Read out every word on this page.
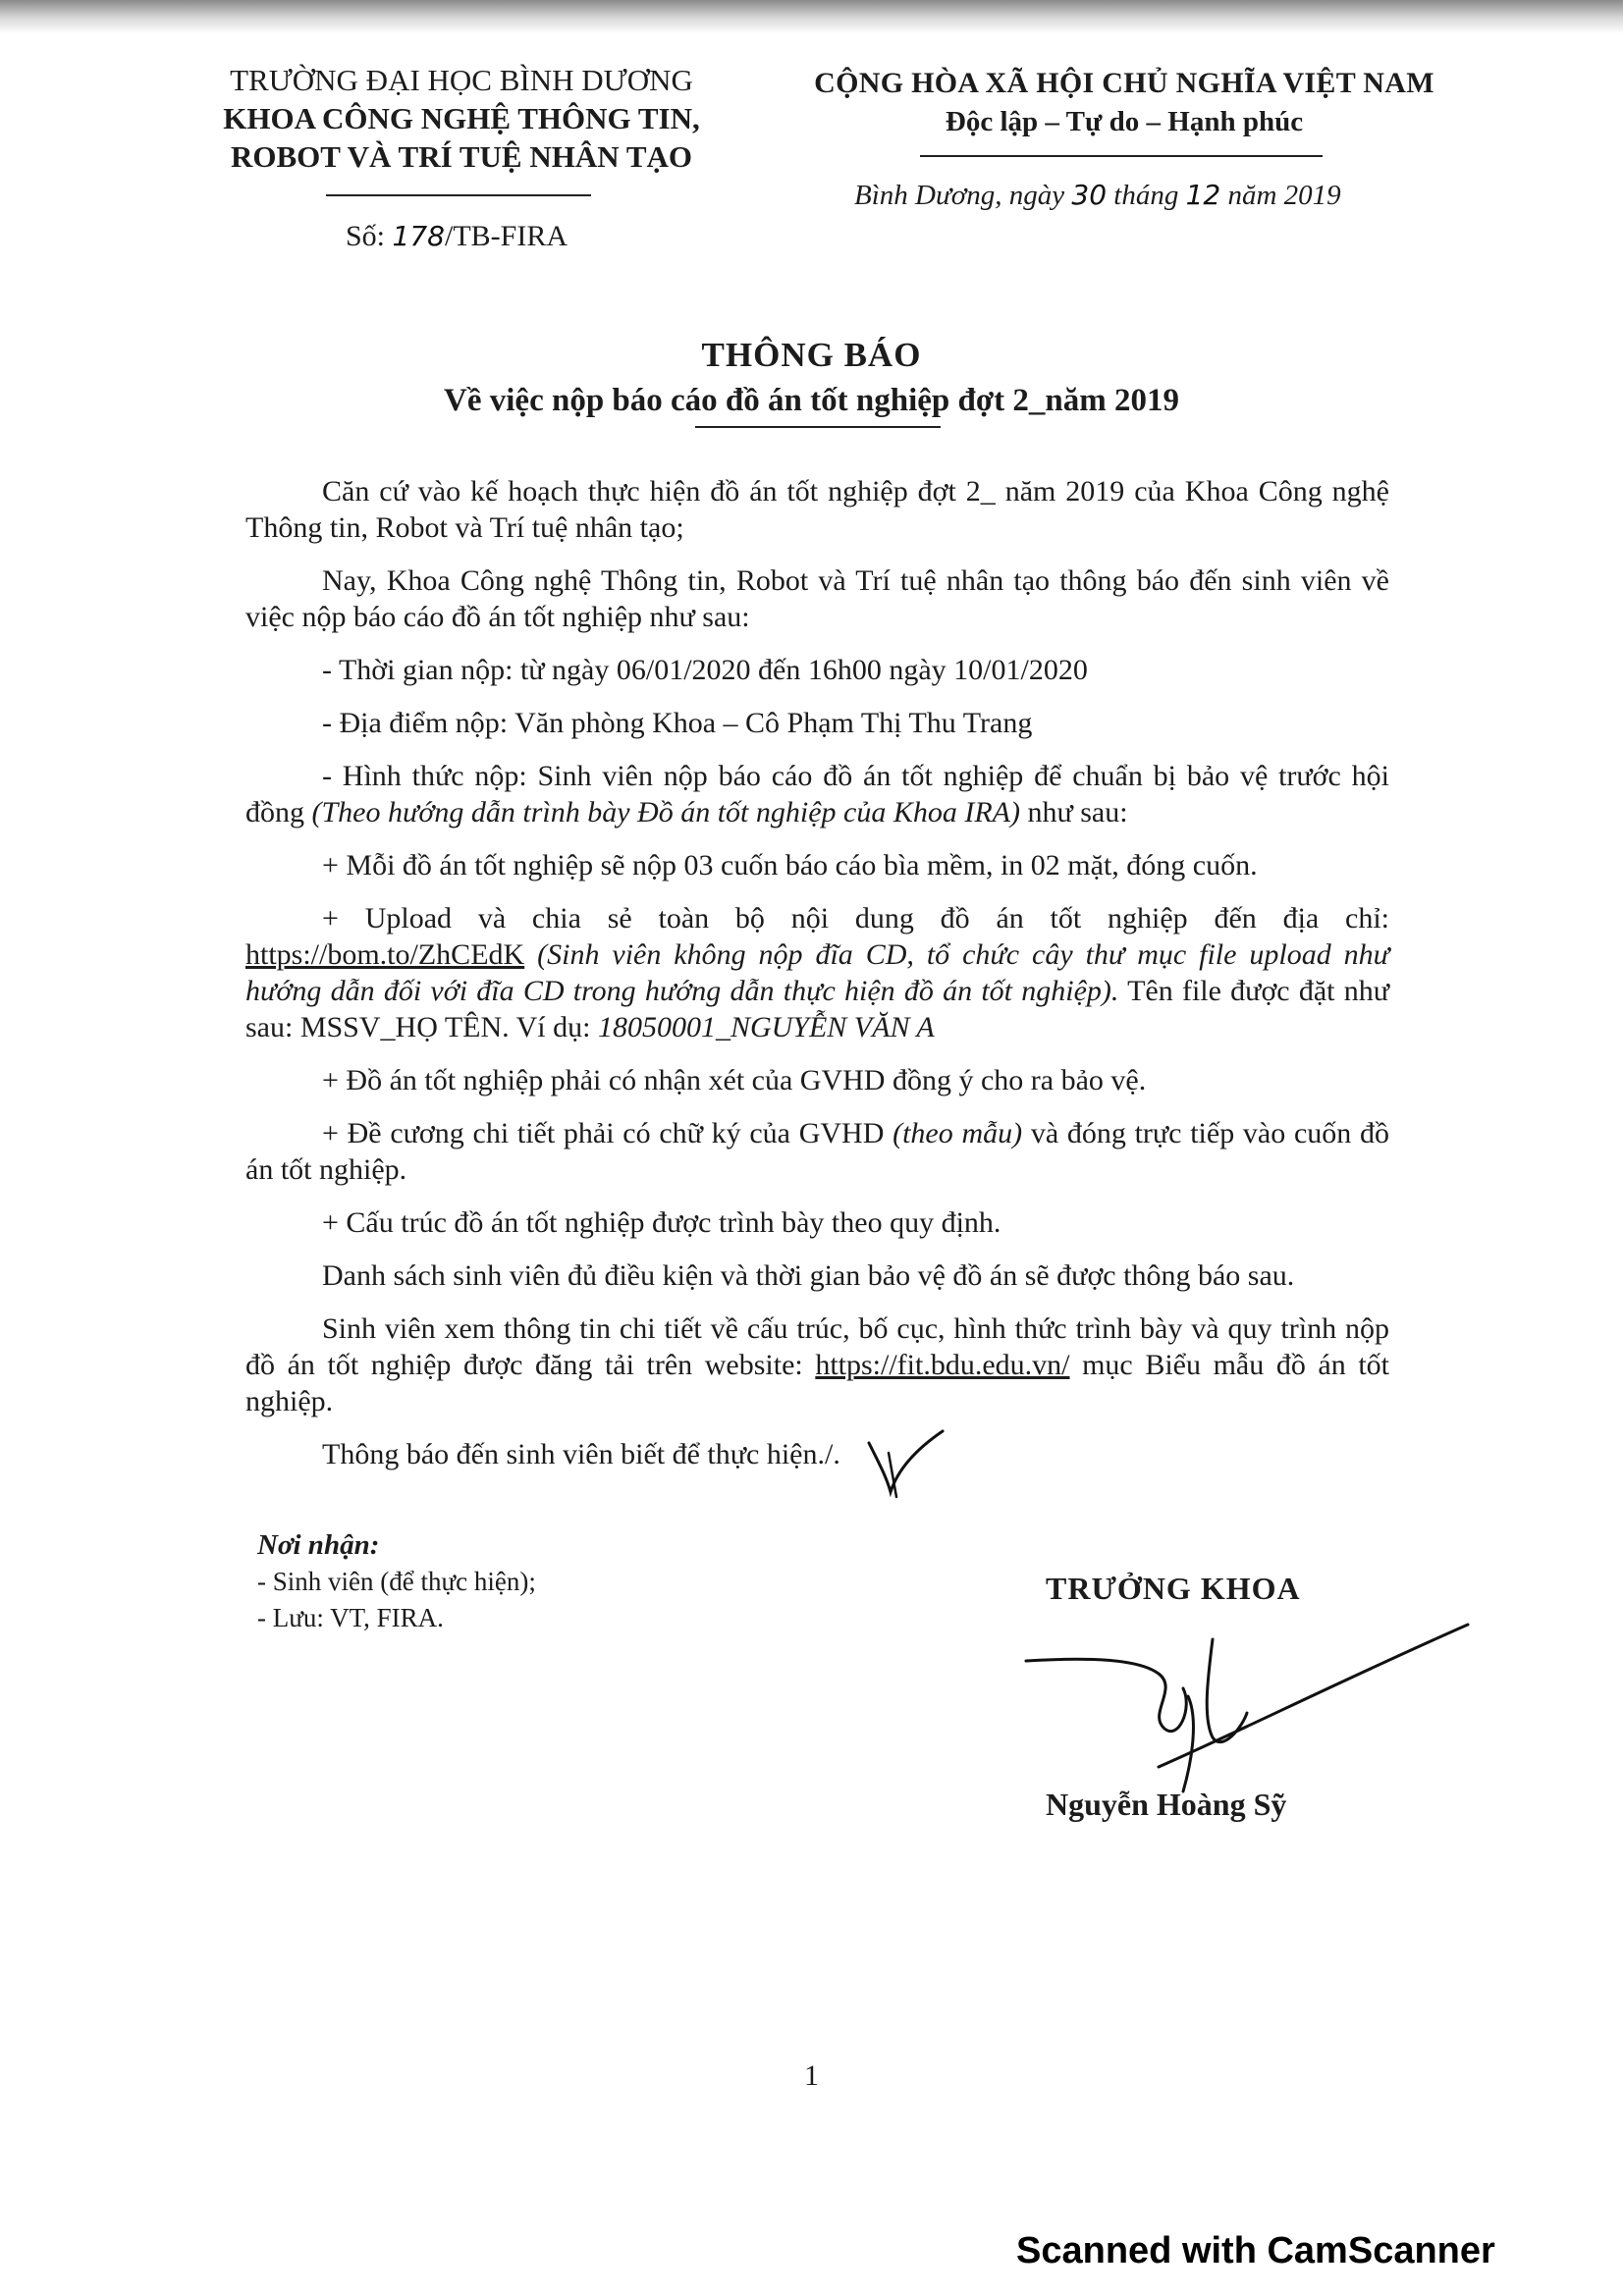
TRƯỜNG ĐẠI HỌC BÌNH DƯƠNG
KHOA CÔNG NGHỆ THÔNG TIN,
ROBOT VÀ TRÍ TUỆ NHÂN TẠO
Số: 178/TB-FIRA
CỘNG HÒA XÃ HỘI CHỦ NGHĨA VIỆT NAM
Độc lập – Tự do – Hạnh phúc
Bình Dương, ngày 30 tháng 12 năm 2019
THÔNG BÁO
Về việc nộp báo cáo đồ án tốt nghiệp đợt 2_năm 2019

Căn cứ vào kế hoạch thực hiện đồ án tốt nghiệp đợt 2_ năm 2019 của Khoa Công nghệ Thông tin, Robot và Trí tuệ nhân tạo;

Nay, Khoa Công nghệ Thông tin, Robot và Trí tuệ nhân tạo thông báo đến sinh viên về việc nộp báo cáo đồ án tốt nghiệp như sau:

- Thời gian nộp: từ ngày 06/01/2020 đến 16h00 ngày 10/01/2020

- Địa điểm nộp: Văn phòng Khoa – Cô Phạm Thị Thu Trang

- Hình thức nộp: Sinh viên nộp báo cáo đồ án tốt nghiệp để chuẩn bị bảo vệ trước hội đồng (Theo hướng dẫn trình bày Đồ án tốt nghiệp của Khoa IRA) như sau:

+ Mỗi đồ án tốt nghiệp sẽ nộp 03 cuốn báo cáo bìa mềm, in 02 mặt, đóng cuốn.

+ Upload và chia sẻ toàn bộ nội dung đồ án tốt nghiệp đến địa chỉ: https://bom.to/ZhCEdK (Sinh viên không nộp đĩa CD, tổ chức cây thư mục file upload như hướng dẫn đối với đĩa CD trong hướng dẫn thực hiện đồ án tốt nghiệp). Tên file được đặt như sau: MSSV_HỌ TÊN. Ví dụ: 18050001_NGUYỄN VĂN A

+ Đồ án tốt nghiệp phải có nhận xét của GVHD đồng ý cho ra bảo vệ.

+ Đề cương chi tiết phải có chữ ký của GVHD (theo mẫu) và đóng trực tiếp vào cuốn đồ án tốt nghiệp.

+ Cấu trúc đồ án tốt nghiệp được trình bày theo quy định.

Danh sách sinh viên đủ điều kiện và thời gian bảo vệ đồ án sẽ được thông báo sau.

Sinh viên xem thông tin chi tiết về cấu trúc, bố cục, hình thức trình bày và quy trình nộp đồ án tốt nghiệp được đăng tải trên website: https://fit.bdu.edu.vn/ mục Biểu mẫu đồ án tốt nghiệp.

Thông báo đến sinh viên biết để thực hiện./.

Nơi nhận:
- Sinh viên (để thực hiện);
- Lưu: VT, FIRA.
TRƯỞNG KHOA
Nguyễn Hoàng Sỹ
1
Scanned with CamScanner
